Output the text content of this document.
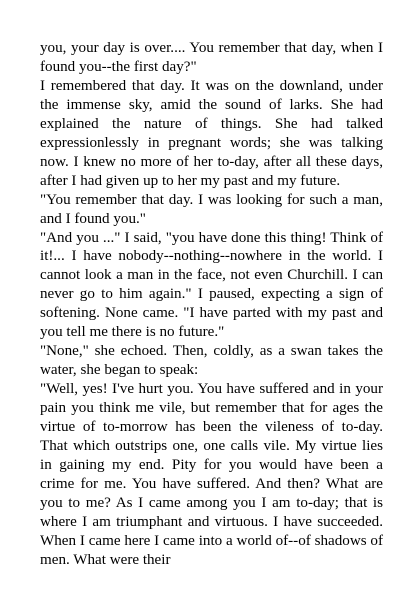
you, your day is over.... You remember that day, when I found you--the first day?"

I remembered that day. It was on the downland, under the immense sky, amid the sound of larks. She had explained the nature of things. She had talked expressionlessly in pregnant words; she was talking now. I knew no more of her to-day, after all these days, after I had given up to her my past and my future.

"You remember that day. I was looking for such a man, and I found you."

"And you ..." I said, "you have done this thing! Think of it!... I have nobody--nothing--nowhere in the world. I cannot look a man in the face, not even Churchill. I can never go to him again." I paused, expecting a sign of softening. None came. "I have parted with my past and you tell me there is no future."

"None," she echoed. Then, coldly, as a swan takes the water, she began to speak:

"Well, yes! I've hurt you. You have suffered and in your pain you think me vile, but remember that for ages the virtue of to-morrow has been the vileness of to-day. That which outstrips one, one calls vile. My virtue lies in gaining my end. Pity for you would have been a crime for me. You have suffered. And then? What are you to me? As I came among you I am to-day; that is where I am triumphant and virtuous. I have succeeded. When I came here I came into a world of--of shadows of men. What were their
